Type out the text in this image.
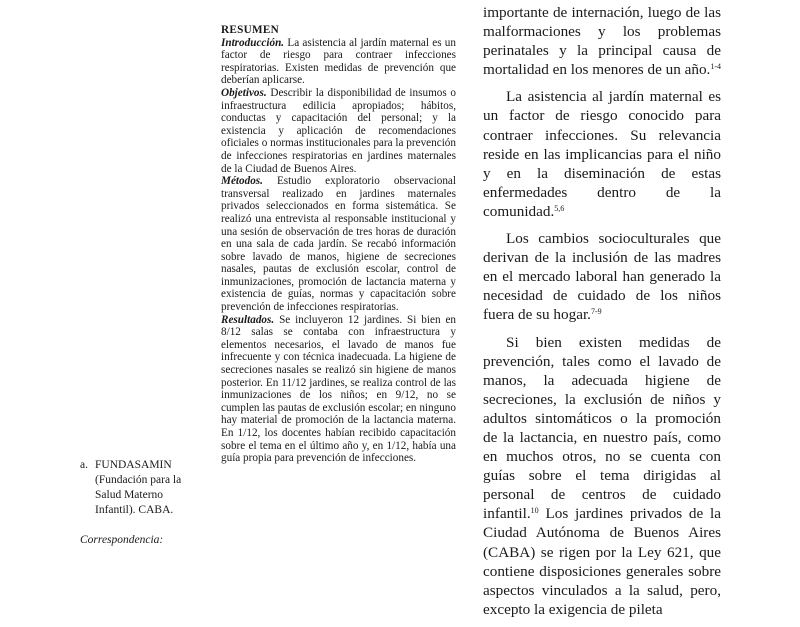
a. FUNDASAMIN (Fundación para la Salud Materno Infantil). CABA.
Correspondencia:
RESUMEN

Introducción. La asistencia al jardín maternal es un factor de riesgo para contraer infecciones respiratorias. Existen medidas de prevención que deberían aplicarse.

Objetivos. Describir la disponibilidad de insumos o infraestructura edilicia apropiados; hábitos, conductas y capacitación del personal; y la existencia y aplicación de recomendaciones oficiales o normas institucionales para la prevención de infecciones respiratorias en jardines maternales de la Ciudad de Buenos Aires.

Métodos. Estudio exploratorio observacional transversal realizado en jardines maternales privados seleccionados en forma sistemática. Se realizó una entrevista al responsable institucional y una sesión de observación de tres horas de duración en una sala de cada jardín. Se recabó información sobre lavado de manos, higiene de secreciones nasales, pautas de exclusión escolar, control de inmunizaciones, promoción de lactancia materna y existencia de guías, normas y capacitación sobre prevención de infecciones respiratorias.

Resultados. Se incluyeron 12 jardines. Si bien en 8/12 salas se contaba con infraestructura y elementos necesarios, el lavado de manos fue infrecuente y con técnica inadecuada. La higiene de secreciones nasales se realizó sin higiene de manos posterior. En 11/12 jardines, se realiza control de las inmunizaciones de los niños; en 9/12, no se cumplen las pautas de exclusión escolar; en ninguno hay material de promoción de la lactancia materna. En 1/12, los docentes habían recibido capacitación sobre el tema en el último año y, en 1/12, había una guía propia para prevención de infecciones.

importante de internación, luego de las malformaciones y los problemas perinatales y la principal causa de mortalidad en los menores de un año.$^{1-4}$

La asistencia al jardín maternal es un factor de riesgo conocido para contraer infecciones. Su relevancia reside en las implicancias para el niño y en la diseminación de estas enfermedades dentro de la comunidad.$^{5,6}$

Los cambios socioculturales que derivan de la inclusión de las madres en el mercado laboral han generado la necesidad de cuidado de los niños fuera de su hogar.$^{7-9}$

Si bien existen medidas de prevención, tales como el lavado de manos, la adecuada higiene de secreciones, la exclusión de niños y adultos sintomáticos o la promoción de la lactancia, en nuestro país, como en muchos otros, no se cuenta con guías sobre el tema dirigidas al personal de centros de cuidado infantil.$^{10}$ Los jardines privados de la Ciudad Autónoma de Buenos Aires (CABA) se rigen por la Ley 621, que contiene disposiciones generales sobre aspectos vinculados a la salud, pero, excepto la exigencia de pileta
